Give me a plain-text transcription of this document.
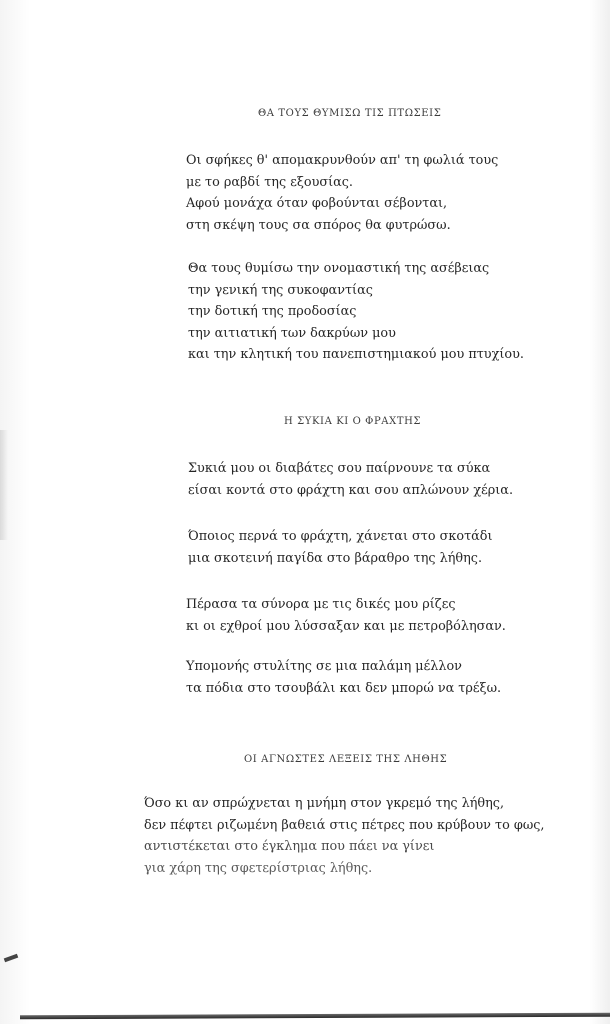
ΘΑ ΤΟΥΣ ΘΥΜΙΣΩ ΤΙΣ ΠΤΩΣΕΙΣ
Οι σφήκες θ' απομακρυνθούν απ' τη φωλιά τους
με το ραβδί της εξουσίας.
Αφού μονάχα όταν φοβούνται σέβονται,
στη σκέψη τους σα σπόρος θα φυτρώσω.
Θα τους θυμίσω την ονομαστική της ασέβειας
την γενική της συκοφαντίας
την δοτική της προδοσίας
την αιτιατική των δακρύων μου
και την κλητική του πανεπιστημιακού μου πτυχίου.
Η ΣΥΚΙΑ ΚΙ Ο ΦΡΑΧΤΗΣ
Συκιά μου οι διαβάτες σου παίρνουνε τα σύκα
είσαι κοντά στο φράχτη και σου απλώνουν χέρια.
Όποιος περνά το φράχτη, χάνεται στο σκοτάδι
μια σκοτεινή παγίδα στο βάραθρο της λήθης.
Πέρασα τα σύνορα με τις δικές μου ρίζες
κι οι εχθροί μου λύσσαξαν και με πετροβόλησαν.
Υπομονής στυλίτης σε μια παλάμη μέλλον
τα πόδια στο τσουβάλι και δεν μπορώ να τρέξω.
ΟΙ ΑΓΝΩΣΤΕΣ ΛΕΞΕΙΣ ΤΗΣ ΛΗΘΗΣ
Όσο κι αν σπρώχνεται η μνήμη στον γκρεμό της λήθης,
δεν πέφτει ριζωμένη βαθειά στις πέτρες που κρύβουν το φως,
αντιστέκεται στο έγκλημα που πάει να γίνει
για χάρη της σφετερίστριας λήθης.
